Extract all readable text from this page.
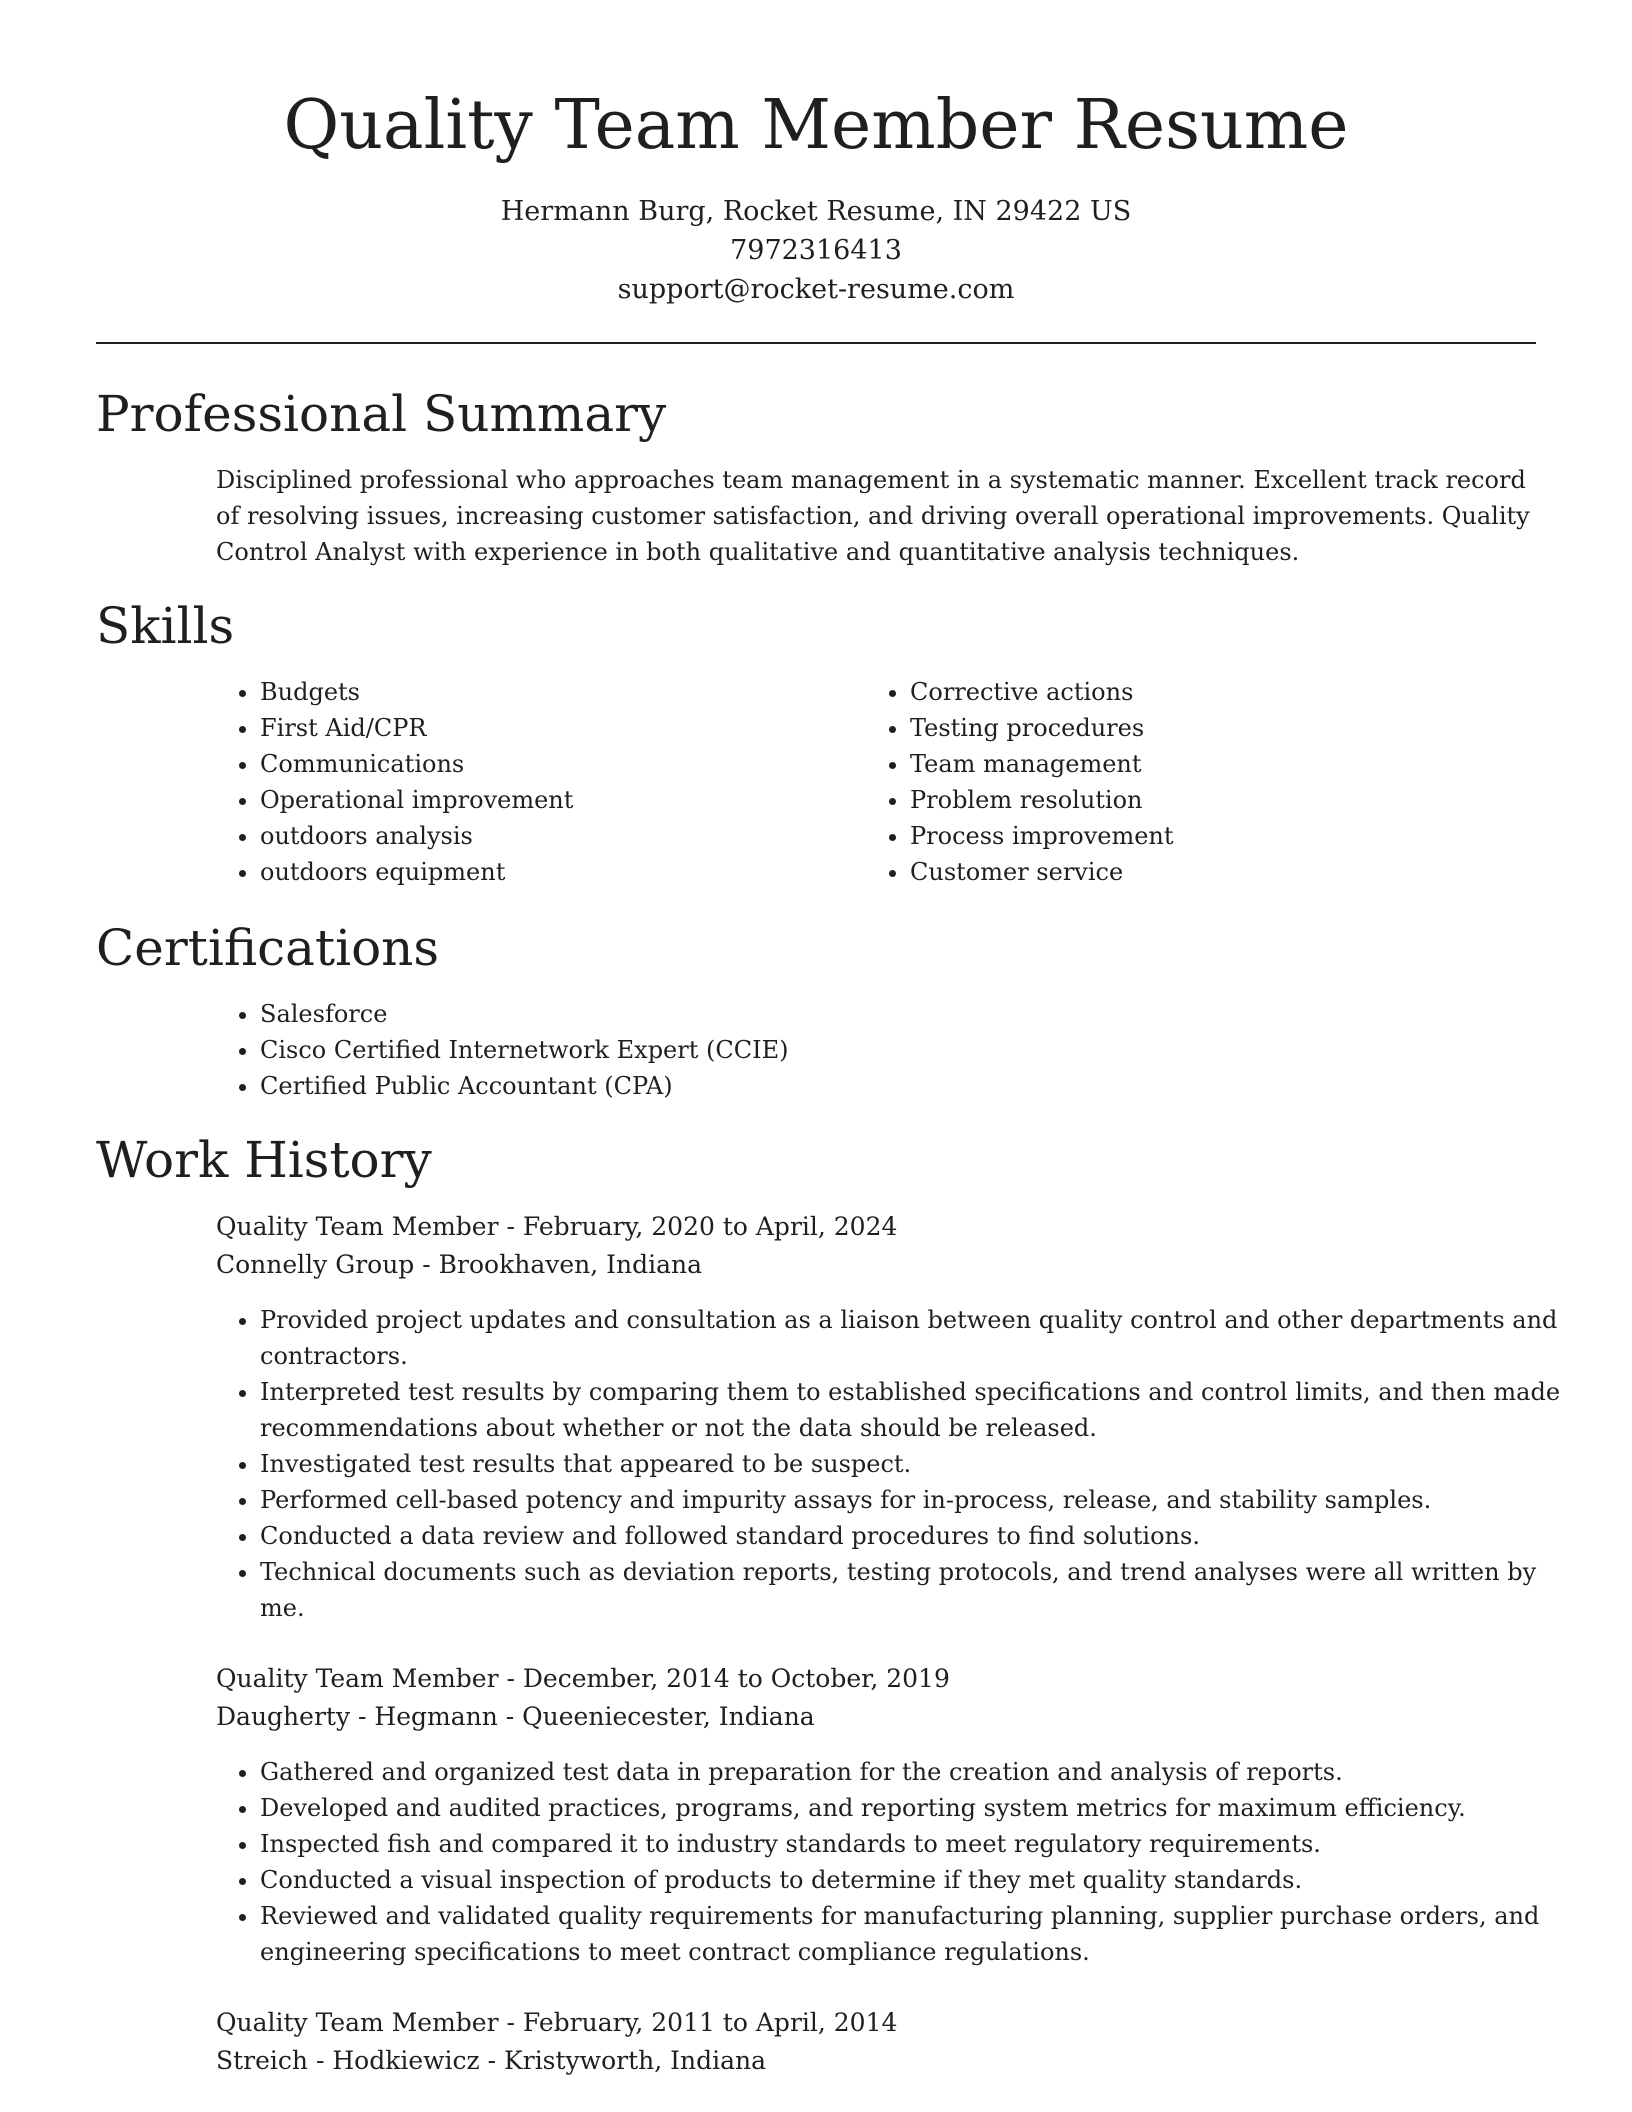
Quality Team Member Resume
Hermann Burg, Rocket Resume, IN 29422 US
7972316413
support@rocket-resume.com
Professional Summary

Disciplined professional who approaches team management in a systematic manner. Excellent track record of resolving issues, increasing customer satisfaction, and driving overall operational improvements. Quality Control Analyst with experience in both qualitative and quantitative analysis techniques.

Skills
• Budgets
• First Aid/CPR
• Communications
• Operational improvement
• outdoors analysis
• outdoors equipment
• Corrective actions
• Testing procedures
• Team management
• Problem resolution
• Process improvement
• Customer service
Certifications
• Salesforce
• Cisco Certified Internetwork Expert (CCIE)
• Certified Public Accountant (CPA)
Work History
Quality Team Member - February, 2020 to April, 2024
Connelly Group - Brookhaven, Indiana
• Provided project updates and consultation as a liaison between quality control and other departments and contractors.
• Interpreted test results by comparing them to established specifications and control limits, and then made recommendations about whether or not the data should be released.
• Investigated test results that appeared to be suspect.
• Performed cell-based potency and impurity assays for in-process, release, and stability samples.
• Conducted a data review and followed standard procedures to find solutions.
• Technical documents such as deviation reports, testing protocols, and trend analyses were all written by me.
Quality Team Member - December, 2014 to October, 2019
Daugherty - Hegmann - Queeniecester, Indiana
• Gathered and organized test data in preparation for the creation and analysis of reports.
• Developed and audited practices, programs, and reporting system metrics for maximum efficiency.
• Inspected fish and compared it to industry standards to meet regulatory requirements.
• Conducted a visual inspection of products to determine if they met quality standards.
• Reviewed and validated quality requirements for manufacturing planning, supplier purchase orders, and engineering specifications to meet contract compliance regulations.
Quality Team Member - February, 2011 to April, 2014
Streich - Hodkiewicz - Kristyworth, Indiana
